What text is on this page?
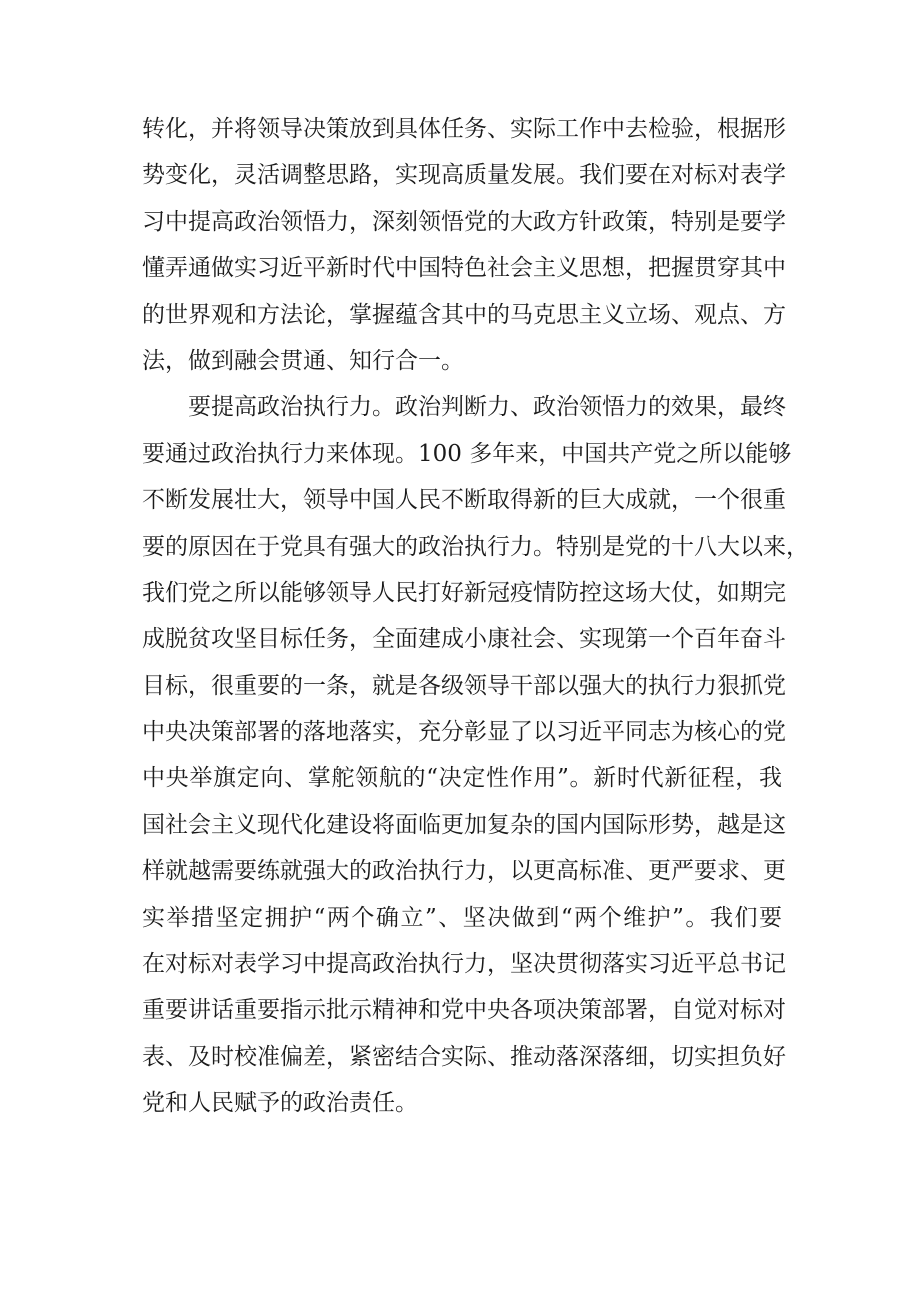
转化，并将领导决策放到具体任务、实际工作中去检验，根据形
势变化，灵活调整思路，实现高质量发展。我们要在对标对表学
习中提高政治领悟力，深刻领悟党的大政方针政策，特别是要学
懂弄通做实习近平新时代中国特色社会主义思想，把握贯穿其中
的世界观和方法论，掌握蕴含其中的马克思主义立场、观点、方
法，做到融会贯通、知行合一。
要提高政治执行力。政治判断力、政治领悟力的效果，最终
要通过政治执行力来体现。100 多年来，中国共产党之所以能够
不断发展壮大，领导中国人民不断取得新的巨大成就，一个很重
要的原因在于党具有强大的政治执行力。特别是党的十八大以来，
我们党之所以能够领导人民打好新冠疫情防控这场大仗，如期完
成脱贫攻坚目标任务，全面建成小康社会、实现第一个百年奋斗
目标，很重要的一条，就是各级领导干部以强大的执行力狠抓党
中央决策部署的落地落实，充分彰显了以习近平同志为核心的党
中央举旗定向、掌舵领航的“决定性作用”。新时代新征程，我
国社会主义现代化建设将面临更加复杂的国内国际形势，越是这
样就越需要练就强大的政治执行力，以更高标准、更严要求、更
实举措坚定拥护“两个确立”、坚决做到“两个维护”。我们要
在对标对表学习中提高政治执行力，坚决贯彻落实习近平总书记
重要讲话重要指示批示精神和党中央各项决策部署，自觉对标对
表、及时校准偏差，紧密结合实际、推动落深落细，切实担负好
党和人民赋予的政治责任。
